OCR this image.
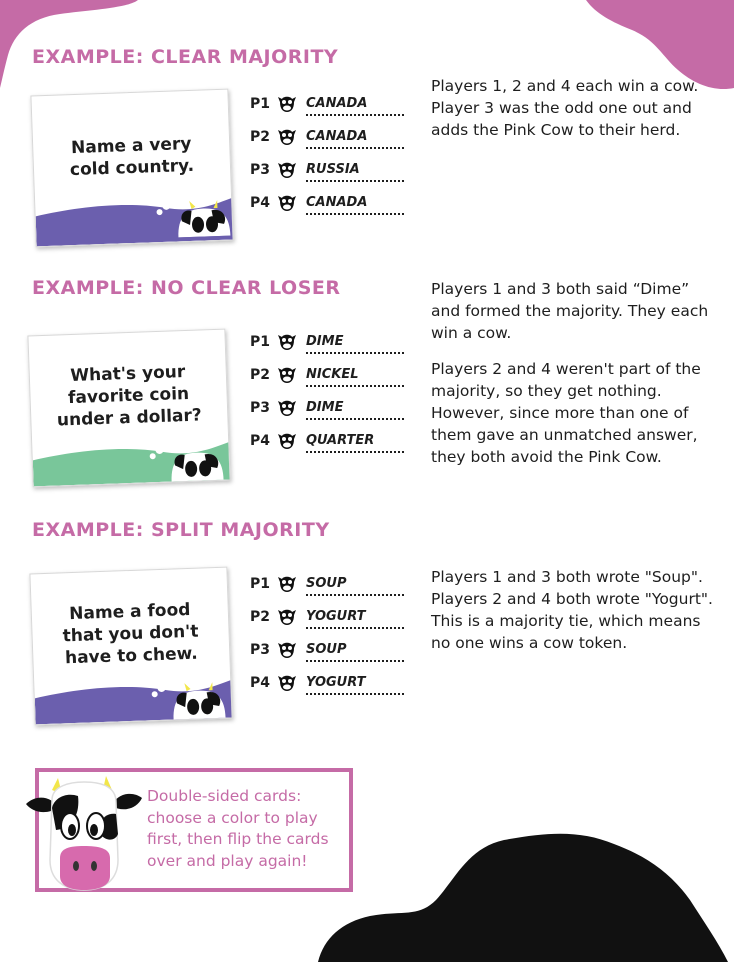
EXAMPLE: CLEAR MAJORITY
Name a very cold country.
P1	CANADA
P2	CANADA
P3	RUSSIA
P4	CANADA

Players 1, 2 and 4 each win a cow. Player 3 was the odd one out and adds the Pink Cow to their herd.

EXAMPLE: NO CLEAR LOSER
What's your favorite coin under a dollar?
P1	DIME
P2	NICKEL
P3	DIME
P4	QUARTER

Players 1 and 3 both said “Dime” and formed the majority. They each win a cow.

Players 2 and 4 weren't part of the majority, so they get nothing. However, since more than one of them gave an unmatched answer, they both avoid the Pink Cow.

EXAMPLE: SPLIT MAJORITY
Name a food that you don't have to chew.
P1	SOUP
P2	YOGURT
P3	SOUP
P4	YOGURT

Players 1 and 3 both wrote "Soup". Players 2 and 4 both wrote "Yogurt". This is a majority tie, which means no one wins a cow token.

Double-sided cards: choose a color to play first, then flip the cards over and play again!
